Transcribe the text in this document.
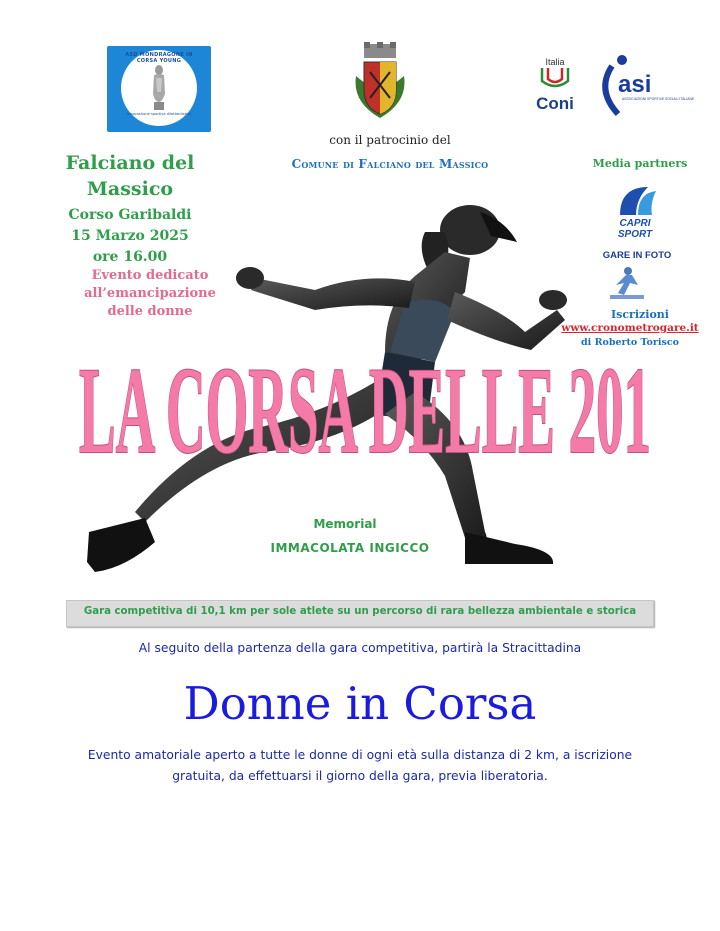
ASD MONDRAGONE IN CORSA YOUNG
Associazione sportiva dilettantistica
Italia
Coni
asi
ASSOCIAZIONI SPORTIVE SOCIALI ITALIANE
con il patrocinio del
Comune di Falciano del Massico
Falciano del Massico
Corso Garibaldi
15 Marzo 2025
ore 16.00
Evento dedicato all’emancipazione delle donne
Media partners
CAPRI
SPORT
GARE IN FOTO
Iscrizioni
www.cronometrogare.it
di Roberto Torisco
LA CORSA DELLE 201
Memorial
IMMACOLATA INGICCO
Gara competitiva di 10,1 km per sole atlete su un percorso di rara bellezza ambientale e storica
Al seguito della partenza della gara competitiva, partirà la Stracittadina
Donne in Corsa
Evento amatoriale aperto a tutte le donne di ogni età sulla distanza di 2 km, a iscrizione gratuita, da effettuarsi il giorno della gara, previa liberatoria.
